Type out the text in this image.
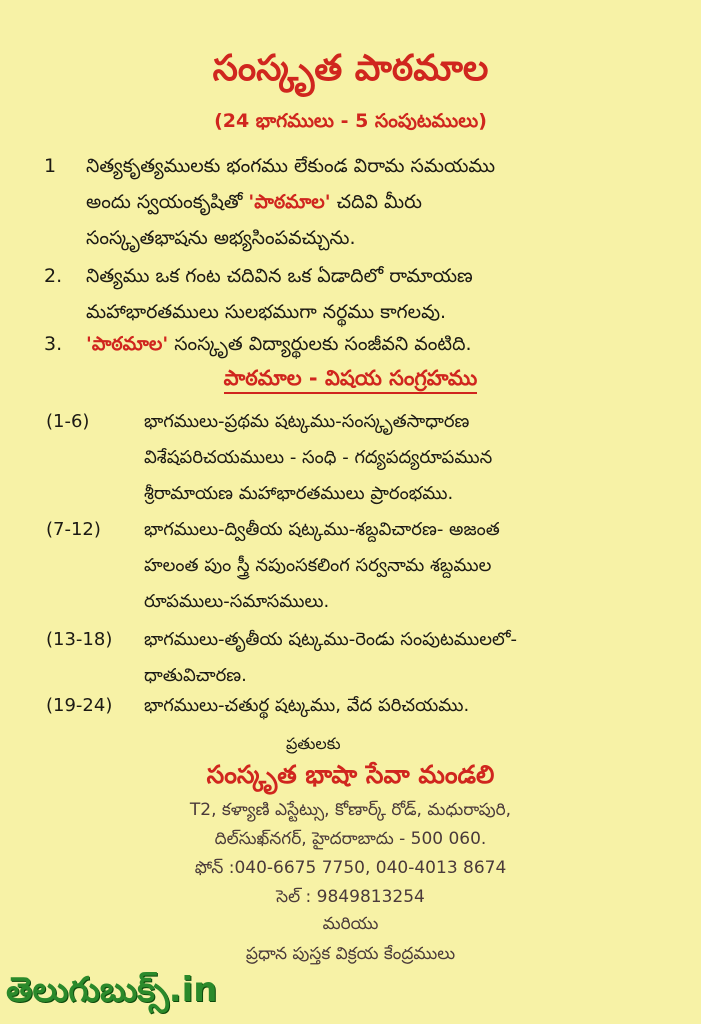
సంస్కృత పాఠమాల
(24 భాగములు - 5 సంపుటములు)
1	నిత్యకృత్యములకు భంగము లేకుండ విరామ సమయము
అందు స్వయంకృషితో 'పాఠమాల' చదివి మీరు
సంస్కృతభాషను అభ్యసింపవచ్చును.
2.	నిత్యము ఒక గంట చదివిన ఒక ఏడాదిలో రామాయణ
మహాభారతములు సులభముగా నర్థము కాగలవు.
3.	'పాఠమాల' సంస్కృత విద్యార్థులకు సంజీవని వంటిది.
పాఠమాల - విషయ సంగ్రహము
(1-6)	భాగములు-ప్రథమ షట్కము-సంస్కృతసాధారణ
విశేషపరిచయములు - సంధి - గద్యపద్యరూపమున
శ్రీరామాయణ మహాభారతములు ప్రారంభము.
(7-12)	భాగములు-ద్వితీయ షట్కము-శబ్దవిచారణ- అజంత
హలంత పుం స్త్రీ నపుంసకలింగ సర్వనామ శబ్దముల
రూపములు-సమాసములు.
(13-18)	భాగములు-తృతీయ షట్కము-రెండు సంపుటములలో-
ధాతువిచారణ.
(19-24)	భాగములు-చతుర్థ షట్కము, వేద పరిచయము.
ప్రతులకు
సంస్కృత భాషా సేవా మండలి
T2, కళ్యాణి ఎస్టేట్సు, కోణార్క్ రోడ్, మధురాపురి,
దిల్‌సుఖ్‌నగర్, హైదరాబాదు - 500 060.
ఫోన్ :040-6675 7750, 040-4013 8674
సెల్ : 9849813254
మరియు
ప్రధాన పుస్తక విక్రయ కేంద్రములు
తెలుగుబుక్స్.in
